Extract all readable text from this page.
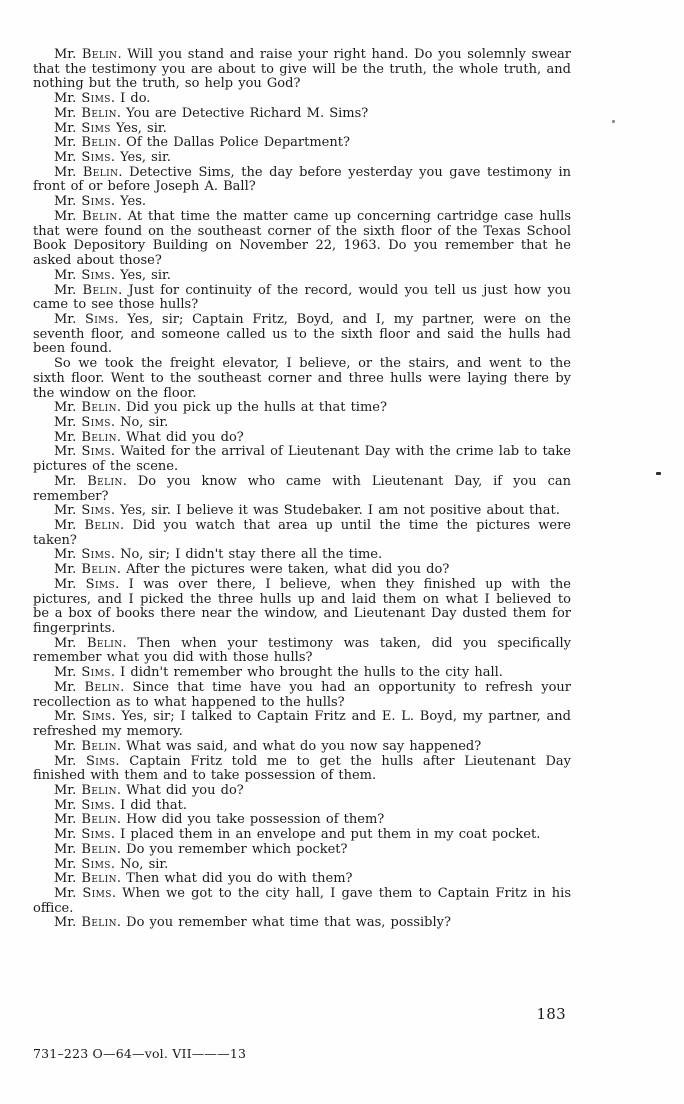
Mr. Belin. Will you stand and raise your right hand. Do you solemnly swear that the testimony you are about to give will be the truth, the whole truth, and nothing but the truth, so help you God?

Mr. Sims. I do.

Mr. Belin. You are Detective Richard M. Sims?

Mr. Sims Yes, sir.

Mr. Belin. Of the Dallas Police Department?

Mr. Sims. Yes, sir.

Mr. Belin. Detective Sims, the day before yesterday you gave testimony in front of or before Joseph A. Ball?

Mr. Sims. Yes.

Mr. Belin. At that time the matter came up concerning cartridge case hulls that were found on the southeast corner of the sixth floor of the Texas School Book Depository Building on November 22, 1963. Do you remember that he asked about those?

Mr. Sims. Yes, sir.

Mr. Belin. Just for continuity of the record, would you tell us just how you came to see those hulls?

Mr. Sims. Yes, sir; Captain Fritz, Boyd, and I, my partner, were on the seventh floor, and someone called us to the sixth floor and said the hulls had been found.

So we took the freight elevator, I believe, or the stairs, and went to the sixth floor. Went to the southeast corner and three hulls were laying there by the window on the floor.

Mr. Belin. Did you pick up the hulls at that time?

Mr. Sims. No, sir.

Mr. Belin. What did you do?

Mr. Sims. Waited for the arrival of Lieutenant Day with the crime lab to take pictures of the scene.

Mr. Belin. Do you know who came with Lieutenant Day, if you can remember?

Mr. Sims. Yes, sir. I believe it was Studebaker. I am not positive about that.

Mr. Belin. Did you watch that area up until the time the pictures were taken?

Mr. Sims. No, sir; I didn't stay there all the time.

Mr. Belin. After the pictures were taken, what did you do?

Mr. Sims. I was over there, I believe, when they finished up with the pictures, and I picked the three hulls up and laid them on what I believed to be a box of books there near the window, and Lieutenant Day dusted them for fingerprints.

Mr. Belin. Then when your testimony was taken, did you specifically remember what you did with those hulls?

Mr. Sims. I didn't remember who brought the hulls to the city hall.

Mr. Belin. Since that time have you had an opportunity to refresh your recollection as to what happened to the hulls?

Mr. Sims. Yes, sir; I talked to Captain Fritz and E. L. Boyd, my partner, and refreshed my memory.

Mr. Belin. What was said, and what do you now say happened?

Mr. Sims. Captain Fritz told me to get the hulls after Lieutenant Day finished with them and to take possession of them.

Mr. Belin. What did you do?

Mr. Sims. I did that.

Mr. Belin. How did you take possession of them?

Mr. Sims. I placed them in an envelope and put them in my coat pocket.

Mr. Belin. Do you remember which pocket?

Mr. Sims. No, sir.

Mr. Belin. Then what did you do with them?

Mr. Sims. When we got to the city hall, I gave them to Captain Fritz in his office.

Mr. Belin. Do you remember what time that was, possibly?

183
731–223 O—64—vol. VII———13
